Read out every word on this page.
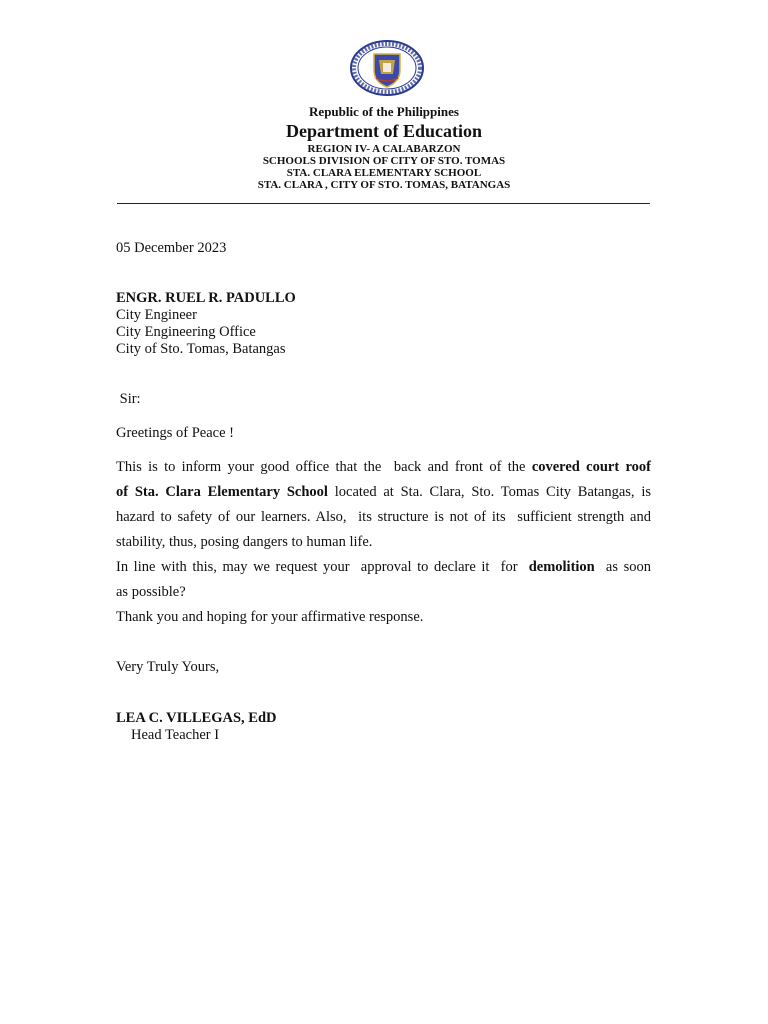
Republic of the Philippines
Department of Education
REGION IV- A CALABARZON
SCHOOLS DIVISION OF CITY OF STO. TOMAS
STA. CLARA ELEMENTARY SCHOOL
STA. CLARA , CITY OF STO. TOMAS, BATANGAS
05 December 2023
ENGR. RUEL R. PADULLO
City Engineer
City Engineering Office
City of Sto. Tomas, Batangas
Sir:
Greetings of Peace !
This is to inform your good office that the  back and front of the covered court roof
of Sta. Clara Elementary School located at Sta. Clara, Sto. Tomas City Batangas, is
hazard to safety of our learners. Also,  its structure is not of its  sufficient strength and
stability, thus, posing dangers to human life.
In line with this, may we request your  approval to declare it  for  demolition  as soon
as possible?
Thank you and hoping for your affirmative response.
Very Truly Yours,
LEA C. VILLEGAS, EdD
Head Teacher I
